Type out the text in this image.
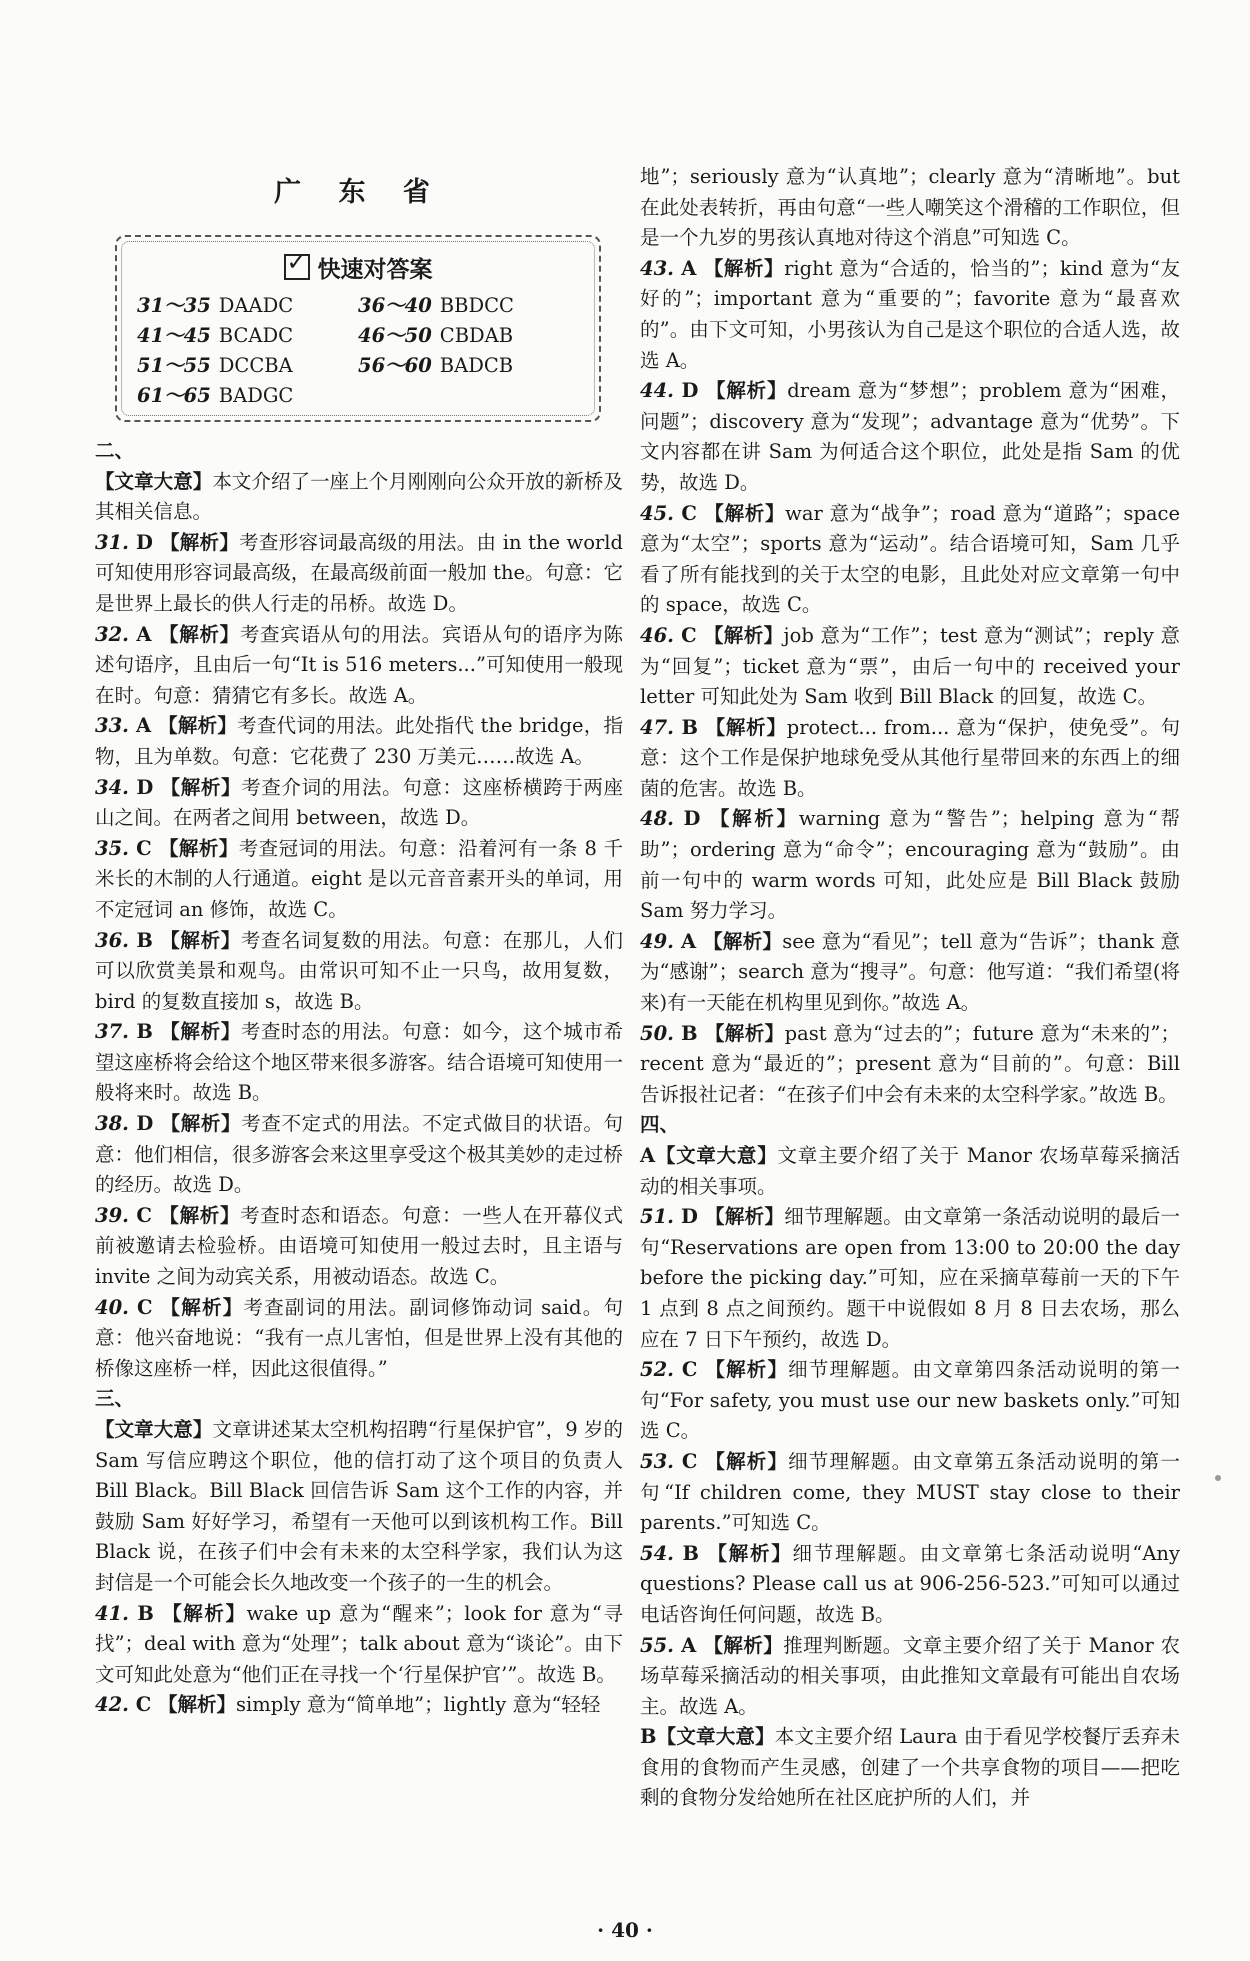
广 东 省
✓快速对答案
31～35 DAADC	36～40 BBDCC
41～45 BCADC	46～50 CBDAB
51～55 DCCBA	56～60 BADCB
61～65 BADGC

二、

【文章大意】本文介绍了一座上个月刚刚向公众开放的新桥及其相关信息。

31. D 【解析】考查形容词最高级的用法。由 in the world 可知使用形容词最高级，在最高级前面一般加 the。句意：它是世界上最长的供人行走的吊桥。故选 D。

32. A 【解析】考查宾语从句的用法。宾语从句的语序为陈述句语序，且由后一句“It is 516 meters...”可知使用一般现在时。句意：猜猜它有多长。故选 A。

33. A 【解析】考查代词的用法。此处指代 the bridge，指物，且为单数。句意：它花费了 230 万美元……故选 A。

34. D 【解析】考查介词的用法。句意：这座桥横跨于两座山之间。在两者之间用 between，故选 D。

35. C 【解析】考查冠词的用法。句意：沿着河有一条 8 千米长的木制的人行通道。eight 是以元音音素开头的单词，用不定冠词 an 修饰，故选 C。

36. B 【解析】考查名词复数的用法。句意：在那儿，人们可以欣赏美景和观鸟。由常识可知不止一只鸟，故用复数，bird 的复数直接加 s，故选 B。

37. B 【解析】考查时态的用法。句意：如今，这个城市希望这座桥将会给这个地区带来很多游客。结合语境可知使用一般将来时。故选 B。

38. D 【解析】考查不定式的用法。不定式做目的状语。句意：他们相信，很多游客会来这里享受这个极其美妙的走过桥的经历。故选 D。

39. C 【解析】考查时态和语态。句意：一些人在开幕仪式前被邀请去检验桥。由语境可知使用一般过去时，且主语与 invite 之间为动宾关系，用被动语态。故选 C。

40. C 【解析】考查副词的用法。副词修饰动词 said。句意：他兴奋地说：“我有一点儿害怕，但是世界上没有其他的桥像这座桥一样，因此这很值得。”

三、

【文章大意】文章讲述某太空机构招聘“行星保护官”，9 岁的 Sam 写信应聘这个职位，他的信打动了这个项目的负责人 Bill Black。Bill Black 回信告诉 Sam 这个工作的内容，并鼓励 Sam 好好学习，希望有一天他可以到该机构工作。Bill Black 说，在孩子们中会有未来的太空科学家，我们认为这封信是一个可能会长久地改变一个孩子的一生的机会。

41. B 【解析】wake up 意为“醒来”；look for 意为“寻找”；deal with 意为“处理”；talk about 意为“谈论”。由下文可知此处意为“他们正在寻找一个‘行星保护官’”。故选 B。

42. C 【解析】simply 意为“简单地”；lightly 意为“轻轻

地”；seriously 意为“认真地”；clearly 意为“清晰地”。but 在此处表转折，再由句意“一些人嘲笑这个滑稽的工作职位，但是一个九岁的男孩认真地对待这个消息”可知选 C。

43. A 【解析】right 意为“合适的，恰当的”；kind 意为“友好的”；important 意为“重要的”；favorite 意为“最喜欢的”。由下文可知，小男孩认为自己是这个职位的合适人选，故选 A。

44. D 【解析】dream 意为“梦想”；problem 意为“困难，问题”；discovery 意为“发现”；advantage 意为“优势”。下文内容都在讲 Sam 为何适合这个职位，此处是指 Sam 的优势，故选 D。

45. C 【解析】war 意为“战争”；road 意为“道路”；space 意为“太空”；sports 意为“运动”。结合语境可知，Sam 几乎看了所有能找到的关于太空的电影，且此处对应文章第一句中的 space，故选 C。

46. C 【解析】job 意为“工作”；test 意为“测试”；reply 意为“回复”；ticket 意为“票”，由后一句中的 received your letter 可知此处为 Sam 收到 Bill Black 的回复，故选 C。

47. B 【解析】protect... from... 意为“保护，使免受”。句意：这个工作是保护地球免受从其他行星带回来的东西上的细菌的危害。故选 B。

48. D 【解析】warning 意为“警告”；helping 意为“帮助”；ordering 意为“命令”；encouraging 意为“鼓励”。由前一句中的 warm words 可知，此处应是 Bill Black 鼓励 Sam 努力学习。

49. A 【解析】see 意为“看见”；tell 意为“告诉”；thank 意为“感谢”；search 意为“搜寻”。句意：他写道：“我们希望(将来)有一天能在机构里见到你。”故选 A。

50. B 【解析】past 意为“过去的”；future 意为“未来的”；recent 意为“最近的”；present 意为“目前的”。句意：Bill 告诉报社记者：“在孩子们中会有未来的太空科学家。”故选 B。

四、

A【文章大意】文章主要介绍了关于 Manor 农场草莓采摘活动的相关事项。

51. D 【解析】细节理解题。由文章第一条活动说明的最后一句“Reservations are open from 13:00 to 20:00 the day before the picking day.”可知，应在采摘草莓前一天的下午 1 点到 8 点之间预约。题干中说假如 8 月 8 日去农场，那么应在 7 日下午预约，故选 D。

52. C 【解析】细节理解题。由文章第四条活动说明的第一句“For safety, you must use our new baskets only.”可知选 C。

53. C 【解析】细节理解题。由文章第五条活动说明的第一句“If children come, they MUST stay close to their parents.”可知选 C。

54. B 【解析】细节理解题。由文章第七条活动说明“Any questions? Please call us at 906-256-523.”可知可以通过电话咨询任何问题，故选 B。

55. A 【解析】推理判断题。文章主要介绍了关于 Manor 农场草莓采摘活动的相关事项，由此推知文章最有可能出自农场主。故选 A。

B【文章大意】本文主要介绍 Laura 由于看见学校餐厅丢弃未食用的食物而产生灵感，创建了一个共享食物的项目——把吃剩的食物分发给她所在社区庇护所的人们，并

· 40 ·
